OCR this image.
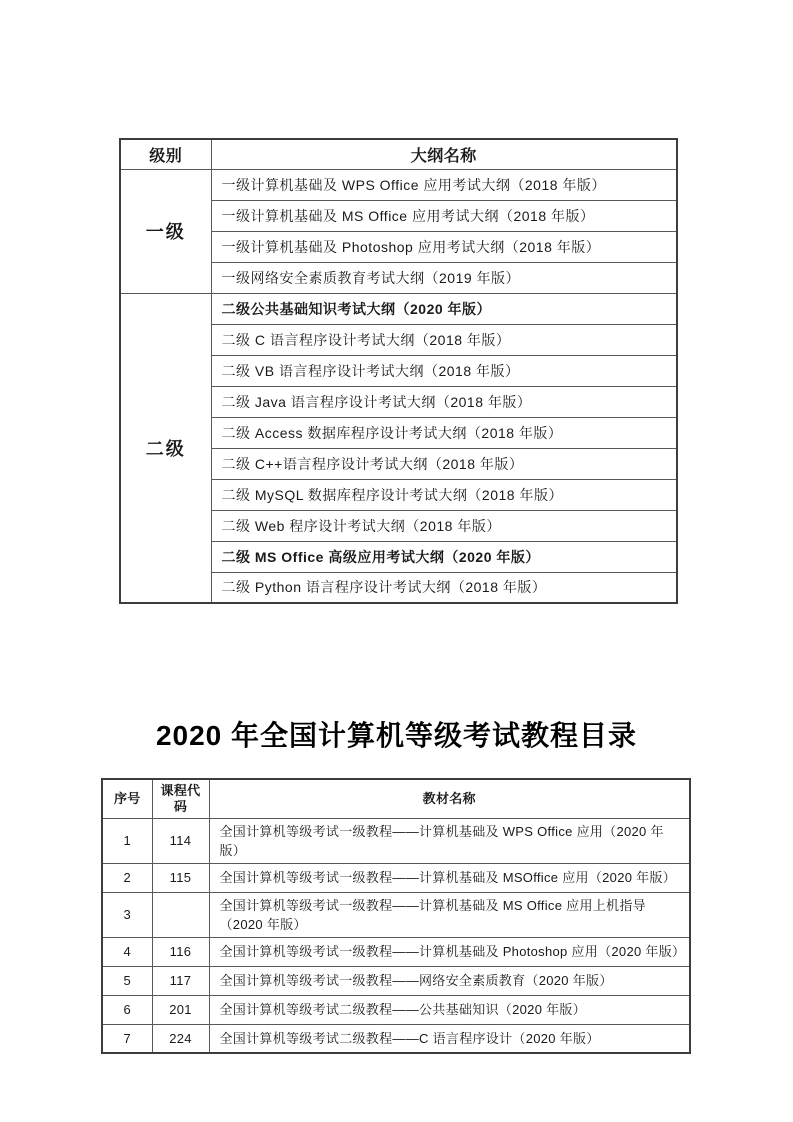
级别	大纲名称
一级	一级计算机基础及 WPS Office 应用考试大纲（2018 年版）
	一级计算机基础及 MS Office 应用考试大纲（2018 年版）
	一级计算机基础及 Photoshop 应用考试大纲（2018 年版）
	一级网络安全素质教育考试大纲（2019 年版）
二级	二级公共基础知识考试大纲（2020 年版）
	二级 C 语言程序设计考试大纲（2018 年版）
	二级 VB 语言程序设计考试大纲（2018 年版）
	二级 Java 语言程序设计考试大纲（2018 年版）
	二级 Access 数据库程序设计考试大纲（2018 年版）
	二级 C++语言程序设计考试大纲（2018 年版）
	二级 MySQL 数据库程序设计考试大纲（2018 年版）
	二级 Web 程序设计考试大纲（2018 年版）
	二级 MS Office 高级应用考试大纲（2020 年版）
	二级 Python 语言程序设计考试大纲（2018 年版）
2020 年全国计算机等级考试教程目录
序号	课程代码	教材名称
1	114	全国计算机等级考试一级教程——计算机基础及 WPS Office 应用（2020 年版）
2	115	全国计算机等级考试一级教程——计算机基础及 MSOffice 应用（2020 年版）
3		全国计算机等级考试一级教程——计算机基础及 MS Office 应用上机指导（2020 年版）
4	116	全国计算机等级考试一级教程——计算机基础及 Photoshop 应用（2020 年版）
5	117	全国计算机等级考试一级教程——网络安全素质教育（2020 年版）
6	201	全国计算机等级考试二级教程——公共基础知识（2020 年版）
7	224	全国计算机等级考试二级教程——C 语言程序设计（2020 年版）
